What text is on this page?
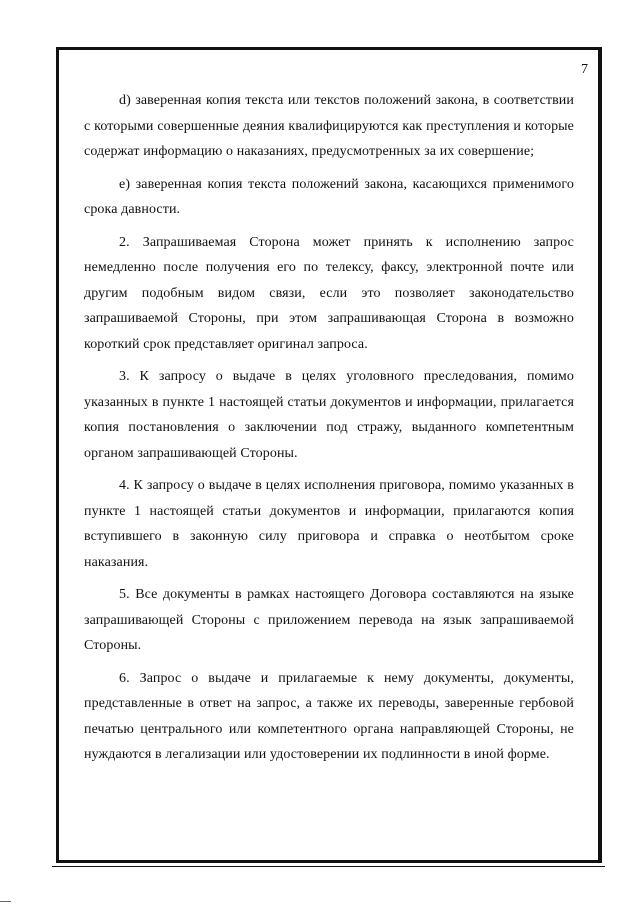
7

d) заверенная копия текста или текстов положений закона, в соответствии с которыми совершенные деяния квалифицируются как преступления и которые содержат информацию о наказаниях, предусмотренных за их совершение;

е) заверенная копия текста положений закона, касающихся применимого срока давности.

2. Запрашиваемая Сторона может принять к исполнению запрос немедленно после получения его по телексу, факсу, электронной почте или другим подобным видом связи, если это позволяет законодательство запрашиваемой Стороны, при этом запрашивающая Сторона в возможно короткий срок представляет оригинал запроса.

3. К запросу о выдаче в целях уголовного преследования, помимо указанных в пункте 1 настоящей статьи документов и информации, прилагается копия постановления о заключении под стражу, выданного компетентным органом запрашивающей Стороны.

4. К запросу о выдаче в целях исполнения приговора, помимо указанных в пункте 1 настоящей статьи документов и информации, прилагаются копия вступившего в законную силу приговора и справка о неотбытом сроке наказания.

5. Все документы в рамках настоящего Договора составляются на языке запрашивающей Стороны с приложением перевода на язык запрашиваемой Стороны.

6. Запрос о выдаче и прилагаемые к нему документы, документы, представленные в ответ на запрос, а также их переводы, заверенные гербовой печатью центрального или компетентного органа направляющей Стороны, не нуждаются в легализации или удостоверении их подлинности в иной форме.
